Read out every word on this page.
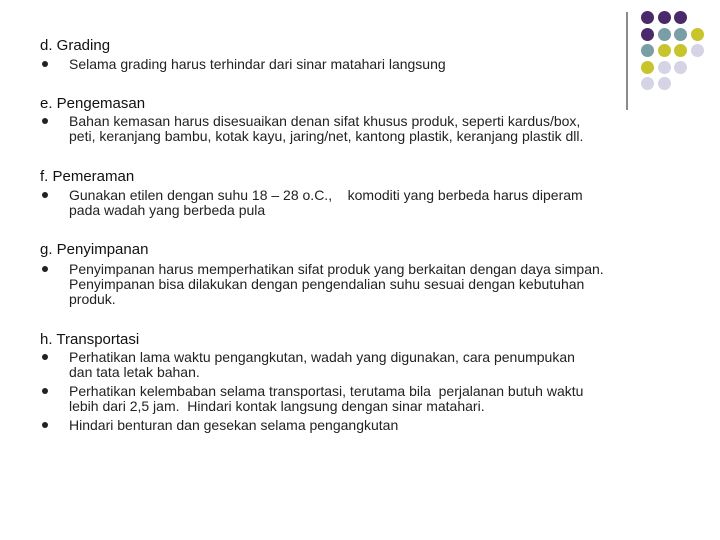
d. Grading
Selama grading harus terhindar dari sinar matahari langsung
e. Pengemasan
Bahan kemasan harus disesuaikan denan sifat khusus produk, seperti kardus/box,
peti, keranjang bambu, kotak kayu, jaring/net, kantong plastik, keranjang plastik dll.
f. Pemeraman
Gunakan etilen dengan suhu 18 – 28 o.C.,    komoditi yang berbeda harus diperam
pada wadah yang berbeda pula
g. Penyimpanan
Penyimpanan harus memperhatikan sifat produk yang berkaitan dengan daya simpan.
Penyimpanan bisa dilakukan dengan pengendalian suhu sesuai dengan kebutuhan
produk.
h. Transportasi
Perhatikan lama waktu pengangkutan, wadah yang digunakan, cara penumpukan
dan tata letak bahan.
Perhatikan kelembaban selama transportasi, terutama bila  perjalanan butuh waktu
lebih dari 2,5 jam.  Hindari kontak langsung dengan sinar matahari.
Hindari benturan dan gesekan selama pengangkutan
